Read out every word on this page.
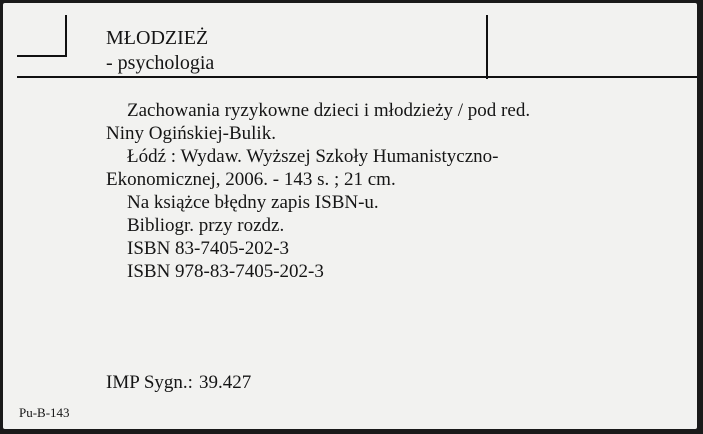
MŁODZIEŻ
- psychologia
Zachowania ryzykowne dzieci i młodzieży / pod red.
Niny Ogińskiej-Bulik.
Łódź : Wydaw. Wyższej Szkoły Humanistyczno-
Ekonomicznej, 2006. - 143 s. ; 21 cm.
Na książce błędny zapis ISBN-u.
Bibliogr. przy rozdz.
ISBN 83-7405-202-3
ISBN 978-83-7405-202-3
IMP Sygn.: 39.427
Pu-B-143
